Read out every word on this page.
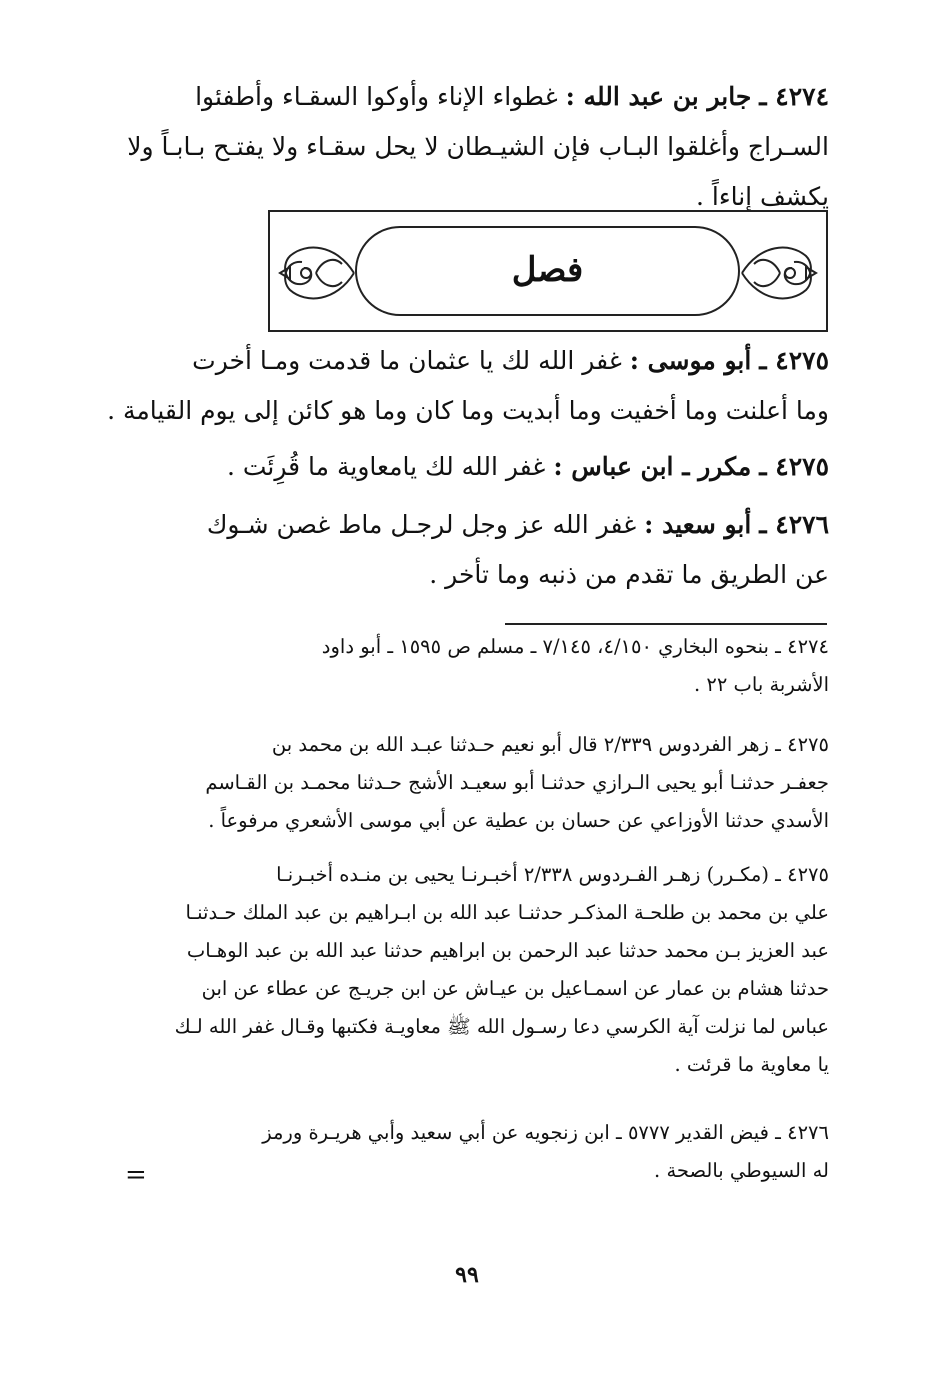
٤٢٧٤ ـ جابر بن عبد الله : غطواء الإناء وأوكوا السقـاء وأطفئوا
السـراج وأغلقوا البـاب فإن الشيـطان لا يحل سقـاء ولا يفتـح بـابـاً ولا
يكشف إناءاً .
فصل
٤٢٧٥ ـ أبو موسى : غفر الله لك يا عثمان ما قدمت ومـا أخرت
وما أعلنت وما أخفيت وما أبديت وما كان وما هو كائن إلى يوم القيامة .
٤٢٧٥ ـ مكرر ـ ابن عباس : غفر الله لك يامعاوية ما قُرِئَت .
٤٢٧٦ ـ أبو سعيد : غفر الله عز وجل لرجـل ماط غصن شـوك
عن الطريق ما تقدم من ذنبه وما تأخر .
٤٢٧٤ ـ بنحوه البخاري ٤/١٥٠، ٧/١٤٥ ـ مسلم ص ١٥٩٥ ـ أبو داود
الأشربة باب ٢٢ .
٤٢٧٥ ـ زهر الفردوس ٢/٣٣٩ قال أبو نعيم حـدثنا عبـد الله بن محمد بن
جعفـر حدثنـا أبو يحيى الـرازي حدثنـا أبو سعيـد الأشج حـدثنا محمـد بن القـاسم
الأسدي حدثنا الأوزاعي عن حسان بن عطية عن أبي موسى الأشعري مرفوعاً .
٤٢٧٥ ـ (مكـرر) زهـر الفـردوس ٢/٣٣٨ أخبـرنـا يحيى بن منـده أخبـرنـا
علي بن محمد بن طلحـة المذكـر حدثنـا عبد الله بن ابـراهيم بن عبد الملك حـدثنـا
عبد العزيز بـن محمد حدثنا عبد الرحمن بن ابراهيم حدثنا عبد الله بن عبد الوهـاب
حدثنا هشام بن عمار عن اسمـاعيل بن عيـاش عن ابن جريـج عن عطاء عن ابن
عباس لما نزلت آية الكرسي دعا رسـول الله ﷺ معاويـة فكتبها وقـال غفر الله لـك
يا معاوية ما قرئت .
٤٢٧٦ ـ فيض القدير ٥٧٧٧ ـ ابن زنجويه عن أبي سعيد وأبي هريـرة ورمز
له السيوطي بالصحة .
=
٩٩
